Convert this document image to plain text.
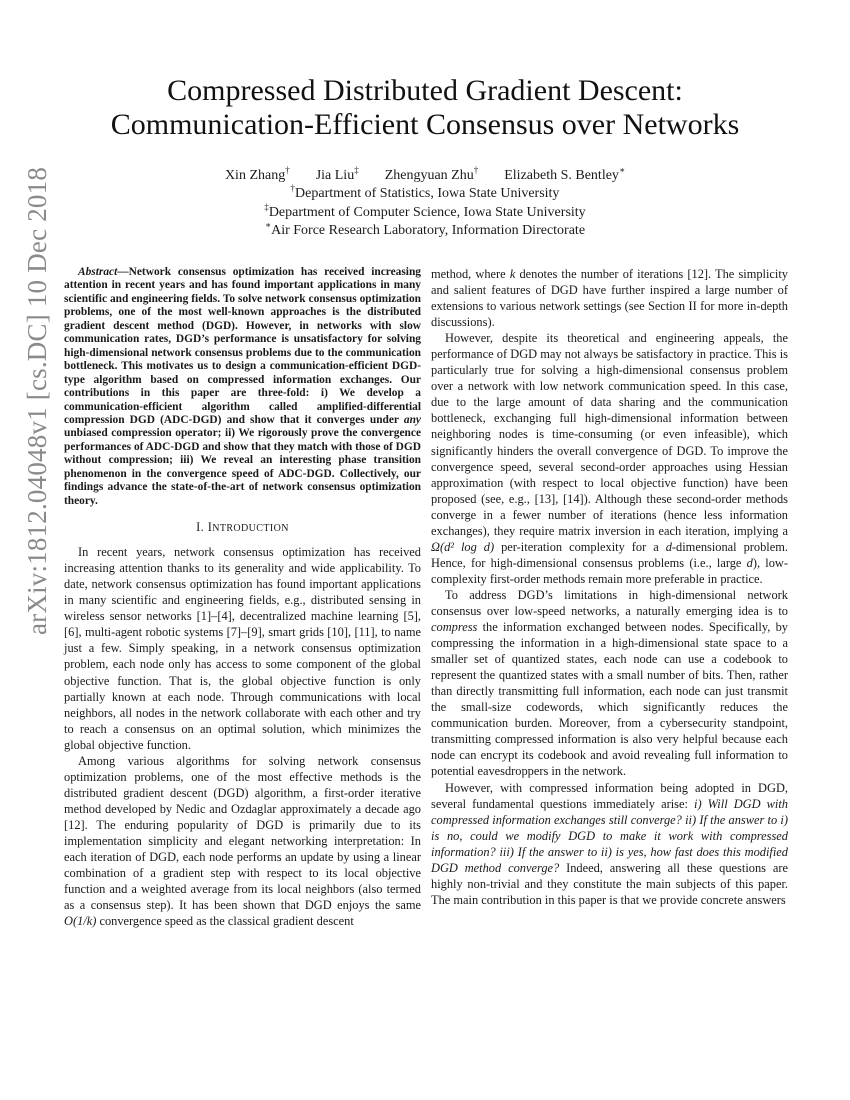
arXiv:1812.04048v1 [cs.DC] 10 Dec 2018
Compressed Distributed Gradient Descent:
Communication-Efficient Consensus over Networks
Xin Zhang† Jia Liu‡ Zhengyuan Zhu† Elizabeth S. Bentley∗
†Department of Statistics, Iowa State University
‡Department of Computer Science, Iowa State University
∗Air Force Research Laboratory, Information Directorate

Abstract—Network consensus optimization has received increasing attention in recent years and has found important applications in many scientific and engineering fields. To solve network consensus optimization problems, one of the most well-known approaches is the distributed gradient descent method (DGD). However, in networks with slow communication rates, DGD’s performance is unsatisfactory for solving high-dimensional network consensus problems due to the communication bottleneck. This motivates us to design a communication-efficient DGD-type algorithm based on compressed information exchanges. Our contributions in this paper are three-fold: i) We develop a communication-efficient algorithm called amplified-differential compression DGD (ADC-DGD) and show that it converges under any unbiased compression operator; ii) We rigorously prove the convergence performances of ADC-DGD and show that they match with those of DGD without compression; iii) We reveal an interesting phase transition phenomenon in the convergence speed of ADC-DGD. Collectively, our findings advance the state-of-the-art of network consensus optimization theory.

I. INTRODUCTION

In recent years, network consensus optimization has received increasing attention thanks to its generality and wide applicability. To date, network consensus optimization has found important applications in many scientific and engineering fields, e.g., distributed sensing in wireless sensor networks [1]–[4], decentralized machine learning [5], [6], multi-agent robotic systems [7]–[9], smart grids [10], [11], to name just a few. Simply speaking, in a network consensus optimization problem, each node only has access to some component of the global objective function. That is, the global objective function is only partially known at each node. Through communications with local neighbors, all nodes in the network collaborate with each other and try to reach a consensus on an optimal solution, which minimizes the global objective function.

Among various algorithms for solving network consensus optimization problems, one of the most effective methods is the distributed gradient descent (DGD) algorithm, a first-order iterative method developed by Nedic and Ozdaglar approximately a decade ago [12]. The enduring popularity of DGD is primarily due to its implementation simplicity and elegant networking interpretation: In each iteration of DGD, each node performs an update by using a linear combination of a gradient step with respect to its local objective function and a weighted average from its local neighbors (also termed as a consensus step). It has been shown that DGD enjoys the same O(1/k) convergence speed as the classical gradient descent

method, where k denotes the number of iterations [12]. The simplicity and salient features of DGD have further inspired a large number of extensions to various network settings (see Section II for more in-depth discussions).

However, despite its theoretical and engineering appeals, the performance of DGD may not always be satisfactory in practice. This is particularly true for solving a high-dimensional consensus problem over a network with low network communication speed. In this case, due to the large amount of data sharing and the communication bottleneck, exchanging full high-dimensional information between neighboring nodes is time-consuming (or even infeasible), which significantly hinders the overall convergence of DGD. To improve the convergence speed, several second-order approaches using Hessian approximation (with respect to local objective function) have been proposed (see, e.g., [13], [14]). Although these second-order methods converge in a fewer number of iterations (hence less information exchanges), they require matrix inversion in each iteration, implying a Ω(d² log d) per-iteration complexity for a d-dimensional problem. Hence, for high-dimensional consensus problems (i.e., large d), low-complexity first-order methods remain more preferable in practice.

To address DGD’s limitations in high-dimensional network consensus over low-speed networks, a naturally emerging idea is to compress the information exchanged between nodes. Specifically, by compressing the information in a high-dimensional state space to a smaller set of quantized states, each node can use a codebook to represent the quantized states with a small number of bits. Then, rather than directly transmitting full information, each node can just transmit the small-size codewords, which significantly reduces the communication burden. Moreover, from a cybersecurity standpoint, transmitting compressed information is also very helpful because each node can encrypt its codebook and avoid revealing full information to potential eavesdroppers in the network.

However, with compressed information being adopted in DGD, several fundamental questions immediately arise: i) Will DGD with compressed information exchanges still converge? ii) If the answer to i) is no, could we modify DGD to make it work with compressed information? iii) If the answer to ii) is yes, how fast does this modified DGD method converge? Indeed, answering all these questions are highly non-trivial and they constitute the main subjects of this paper. The main contribution in this paper is that we provide concrete answers
